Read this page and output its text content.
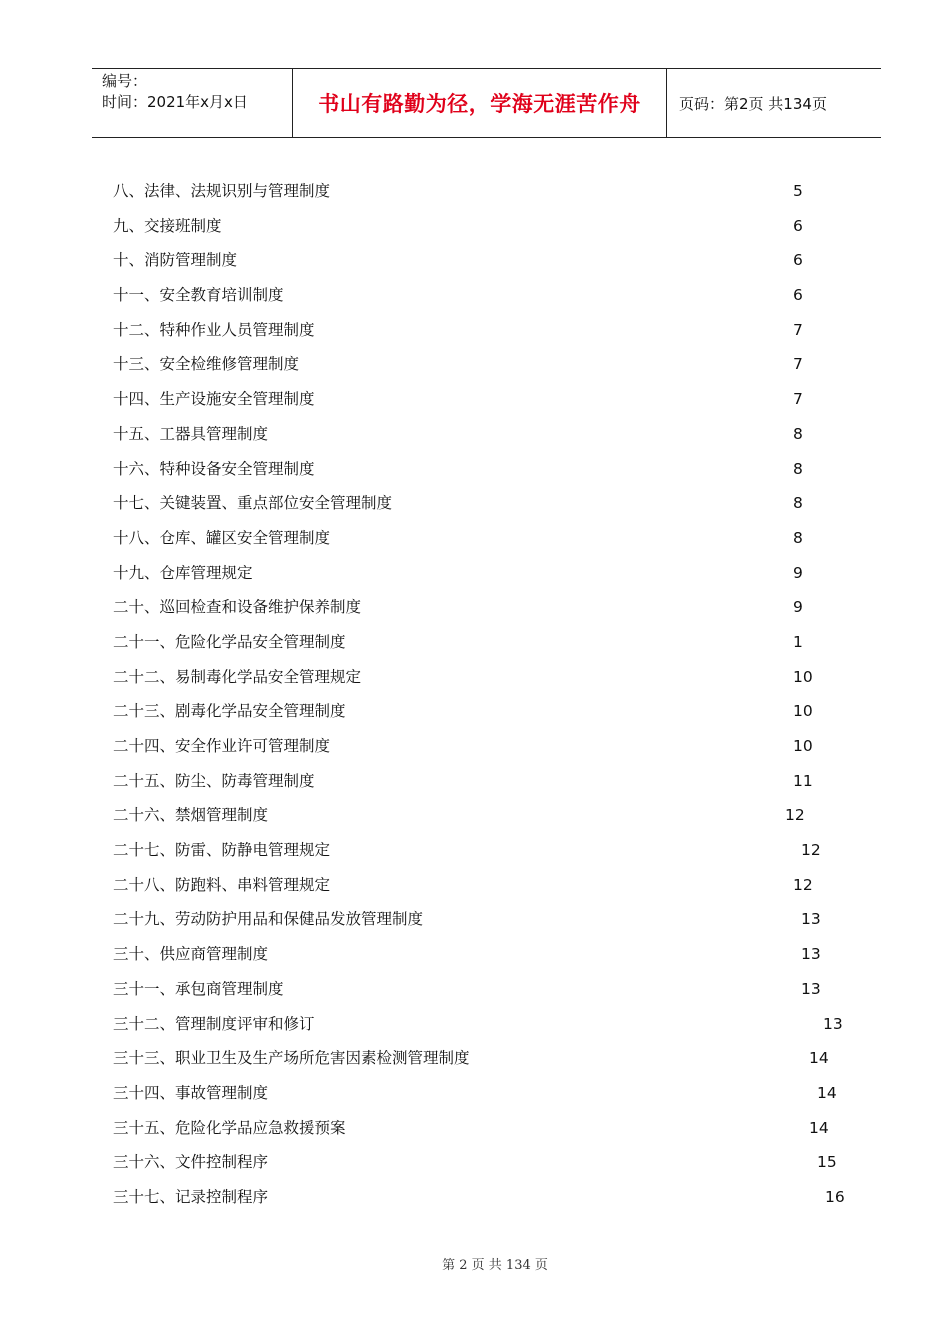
编号：
时间：2021年x月x日	书山有路勤为径，学海无涯苦作舟	页码：第2页 共134页
八、法律、法规识别与管理制度	5
九、交接班制度	6
十、消防管理制度	6
十一、安全教育培训制度	6
十二、特种作业人员管理制度	7
十三、安全检维修管理制度	7
十四、生产设施安全管理制度	7
十五、工器具管理制度	8
十六、特种设备安全管理制度	8
十七、关键装置、重点部位安全管理制度	8
十八、仓库、罐区安全管理制度	8
十九、仓库管理规定	9
二十、巡回检查和设备维护保养制度	9
二十一、危险化学品安全管理制度	1
二十二、易制毒化学品安全管理规定	10
二十三、剧毒化学品安全管理制度	10
二十四、安全作业许可管理制度	10
二十五、防尘、防毒管理制度	11
二十六、禁烟管理制度	12
二十七、防雷、防静电管理规定	12
二十八、防跑料、串料管理规定	12
二十九、劳动防护用品和保健品发放管理制度	13
三十、供应商管理制度	13
三十一、承包商管理制度	13
三十二、管理制度评审和修订	13
三十三、职业卫生及生产场所危害因素检测管理制度	14
三十四、事故管理制度	14
三十五、危险化学品应急救援预案	14
三十六、文件控制程序	15
三十七、记录控制程序	16
第 2 页 共 134 页
